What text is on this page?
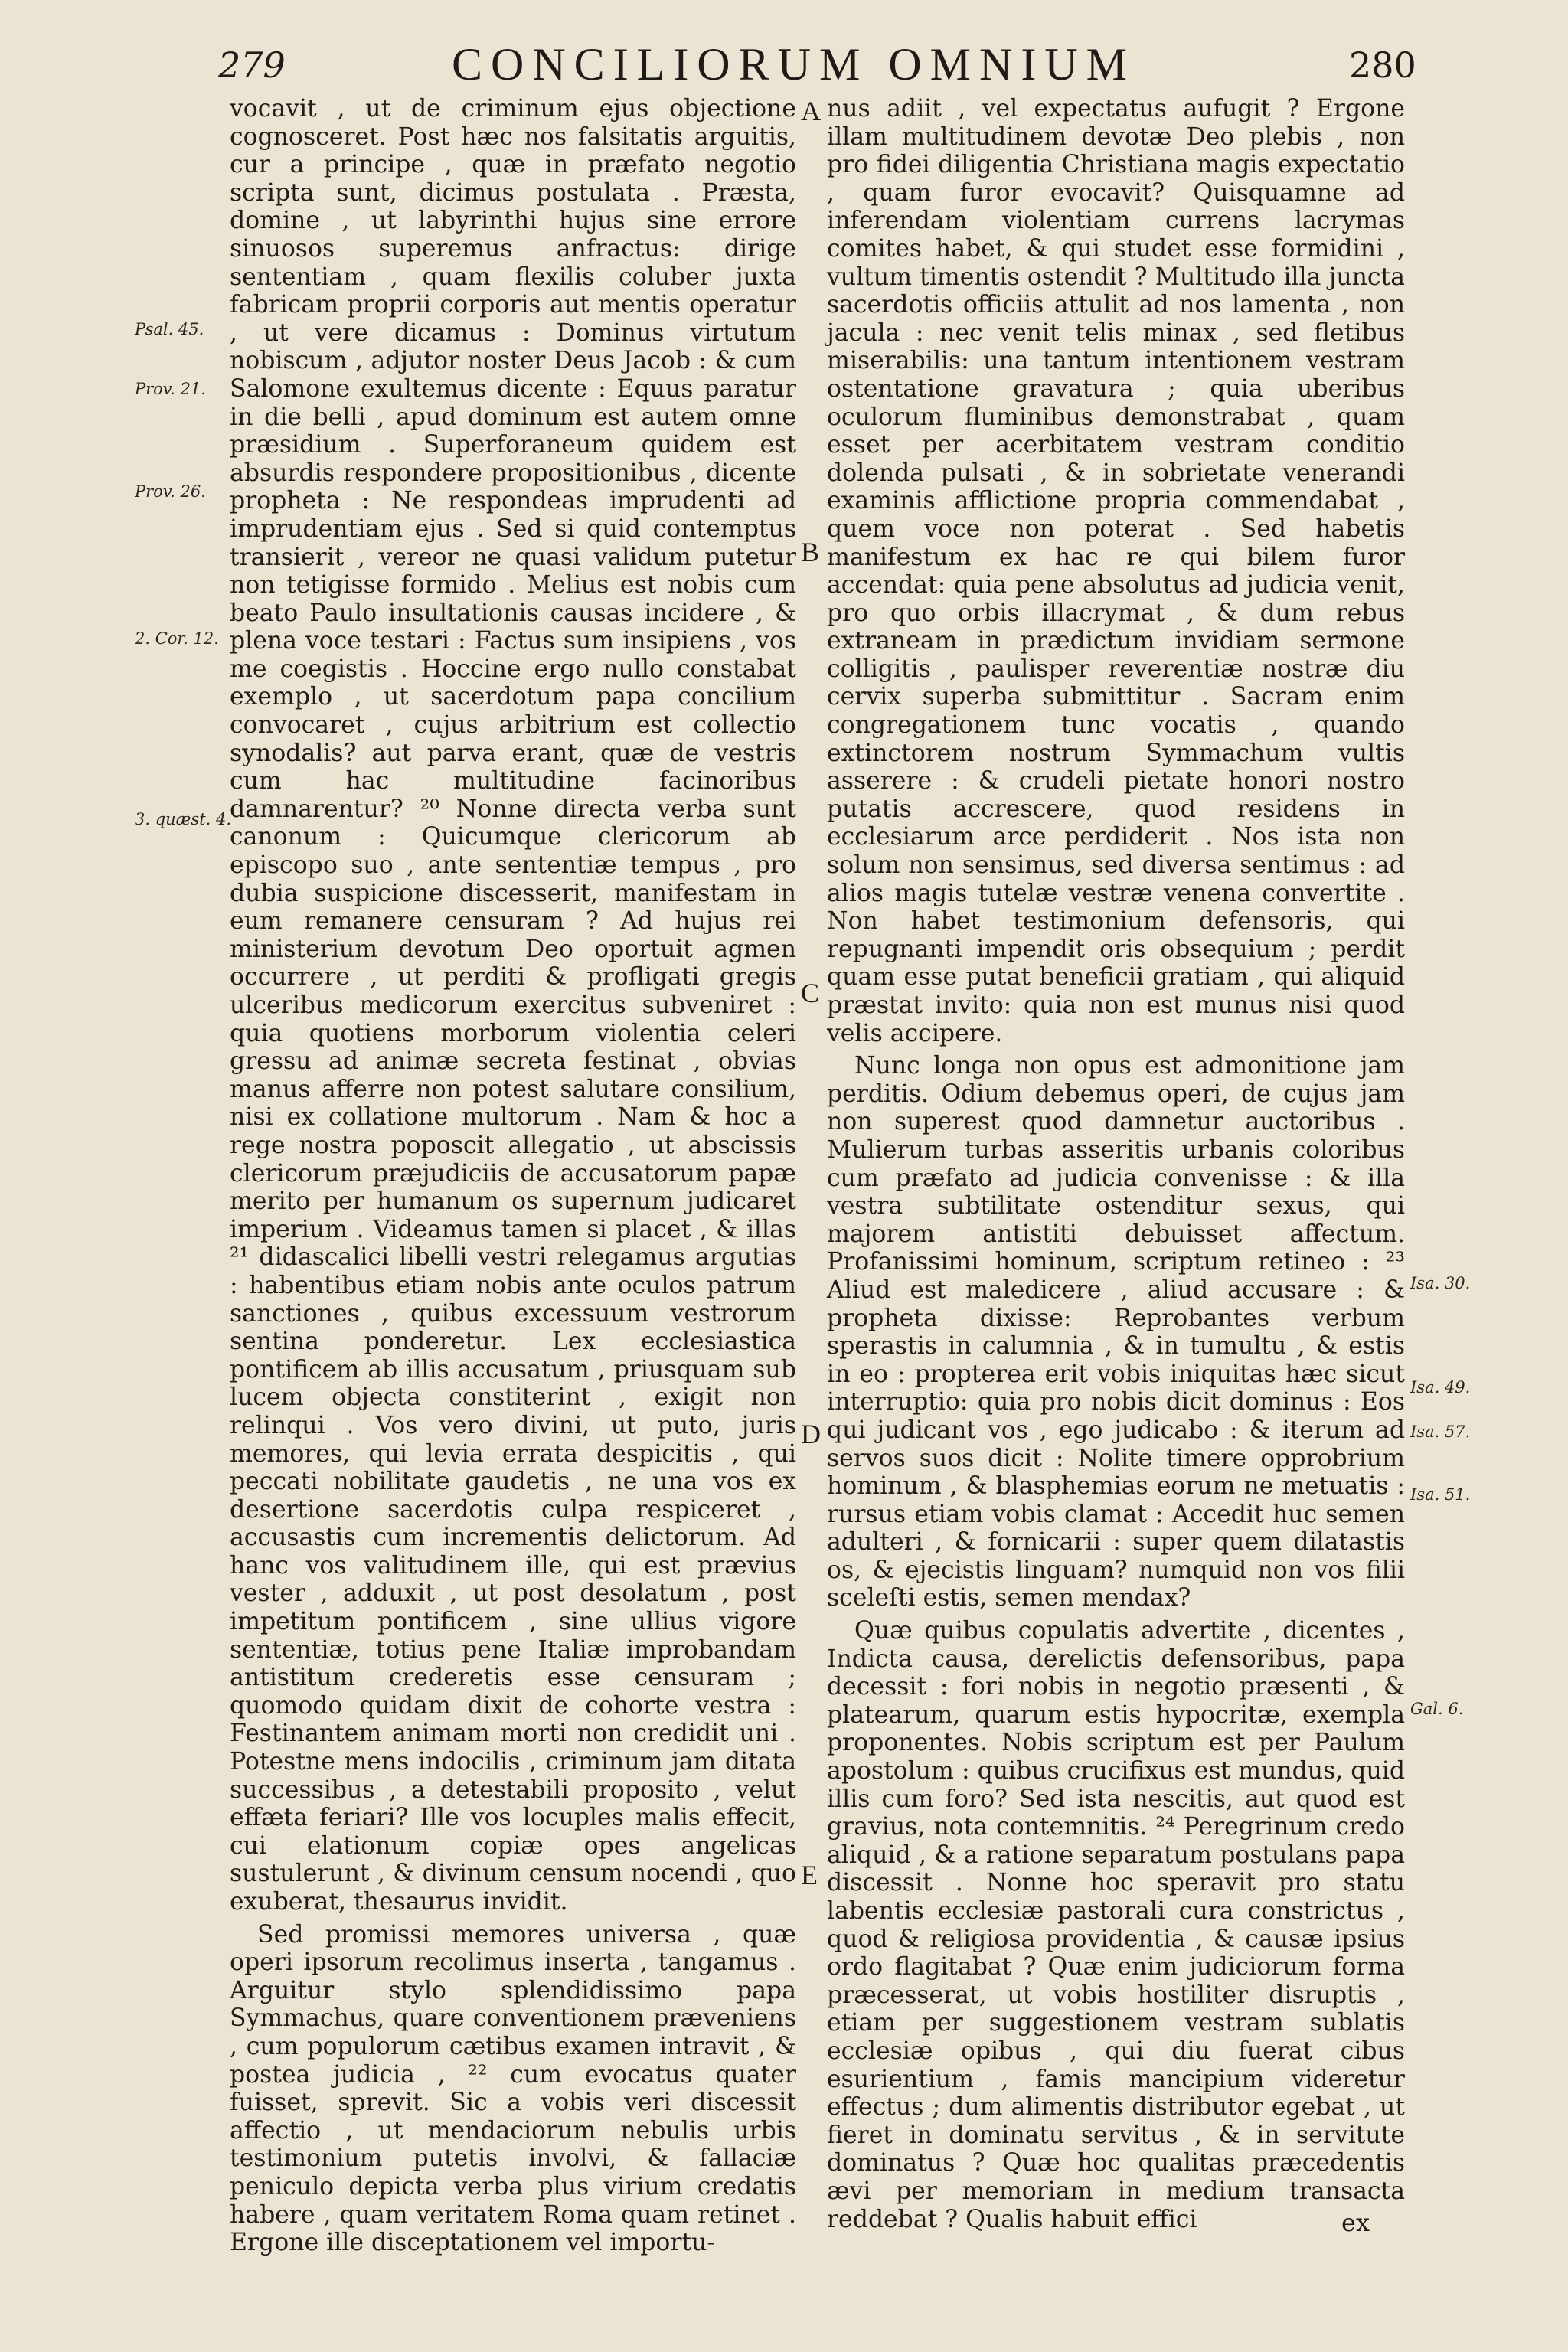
279	CONCILIORUM OMNIUM	280
Psal. 45.
Prov. 21.
Prov. 26.
2. Cor. 12.
3. quæst. 4.
Isa. 30.
Isa. 49.
Isa. 51.
Isa. 57.
Gal. 6.
A
B
C
D
E

vocavit , ut de criminum ejus objectione cognosceret. Post hæc nos falsitatis arguitis, cur a principe , quæ in præfato negotio scripta sunt, dicimus postulata . Præsta, domine , ut labyrinthi hujus sine errore sinuosos superemus anfractus: dirige sententiam , quam flexilis coluber juxta fabricam proprii corporis aut mentis operatur , ut vere dicamus : Dominus virtutum nobiscum , adjutor noster Deus Jacob : & cum Salomone exultemus dicente : Equus paratur in die belli , apud dominum est autem omne præsidium . Superforaneum quidem est absurdis respondere propositionibus , dicente propheta : Ne respondeas imprudenti ad imprudentiam ejus . Sed si quid contemptus transierit , vereor ne quasi validum putetur non tetigisse formido . Melius est nobis cum beato Paulo insultationis causas incidere , & plena voce testari : Factus sum insipiens , vos me coegistis . Hoccine ergo nullo constabat exemplo , ut sacerdotum papa concilium convocaret , cujus arbitrium est collectio synodalis? aut parva erant, quæ de vestris cum hac multitudine facinoribus damnarentur? ²⁰ Nonne directa verba sunt canonum : Quicumque clericorum ab episcopo suo , ante sententiæ tempus , pro dubia suspicione discesserit, manifestam in eum remanere censuram ? Ad hujus rei ministerium devotum Deo oportuit agmen occurrere , ut perditi & profligati gregis ulceribus medicorum exercitus subveniret : quia quotiens morborum violentia celeri gressu ad animæ secreta festinat , obvias manus afferre non potest salutare consilium, nisi ex collatione multorum . Nam & hoc a rege nostra poposcit allegatio , ut abscissis clericorum præjudiciis de accusatorum papæ merito per humanum os supernum judicaret imperium . Videamus tamen si placet , & illas ²¹ didascalici libelli vestri relegamus argutias : habentibus etiam nobis ante oculos patrum sanctiones , quibus excessuum vestrorum sentina ponderetur. Lex ecclesiastica pontificem ab illis accusatum , priusquam sub lucem objecta constiterint , exigit non relinqui . Vos vero divini, ut puto, juris memores, qui levia errata despicitis , qui peccati nobilitate gaudetis , ne una vos ex desertione sacerdotis culpa respiceret , accusastis cum incrementis delictorum. Ad hanc vos valitudinem ille, qui est prævius vester , adduxit , ut post desolatum , post impetitum pontificem , sine ullius vigore sententiæ, totius pene Italiæ improbandam antistitum crederetis esse censuram ; quomodo quidam dixit de cohorte vestra : Festinantem animam morti non credidit uni . Potestne mens indocilis , criminum jam ditata successibus , a detestabili proposito , velut effæta feriari? Ille vos locuples malis effecit, cui elationum copiæ opes angelicas sustulerunt , & divinum censum nocendi , quo exuberat, thesaurus invidit.

Sed promissi memores universa , quæ operi ipsorum recolimus inserta , tangamus . Arguitur stylo splendidissimo papa Symmachus, quare conventionem præveniens , cum populorum cætibus examen intravit , & postea judicia , ²² cum evocatus quater fuisset, sprevit. Sic a vobis veri discessit affectio , ut mendaciorum nebulis urbis testimonium putetis involvi, & fallaciæ peniculo depicta verba plus virium credatis habere , quam veritatem Roma quam retinet . Ergone ille disceptationem vel importu-

nus adiit , vel expectatus aufugit ? Ergone illam multitudinem devotæ Deo plebis , non pro fidei diligentia Christiana magis expectatio , quam furor evocavit? Quisquamne ad inferendam violentiam currens lacrymas comites habet, & qui studet esse formidini , vultum timentis ostendit ? Multitudo illa juncta sacerdotis officiis attulit ad nos lamenta , non jacula : nec venit telis minax , sed fletibus miserabilis: una tantum intentionem vestram ostentatione gravatura ; quia uberibus oculorum fluminibus demonstrabat , quam esset per acerbitatem vestram conditio dolenda pulsati , & in sobrietate venerandi examinis afflictione propria commendabat , quem voce non poterat . Sed habetis manifestum ex hac re qui bilem furor accendat: quia pene absolutus ad judicia venit, pro quo orbis illacrymat , & dum rebus extraneam in prædictum invidiam sermone colligitis , paulisper reverentiæ nostræ diu cervix superba submittitur . Sacram enim congregationem tunc vocatis , quando extinctorem nostrum Symmachum vultis asserere : & crudeli pietate honori nostro putatis accrescere, quod residens in ecclesiarum arce perdiderit . Nos ista non solum non sensimus, sed diversa sentimus : ad alios magis tutelæ vestræ venena convertite . Non habet testimonium defensoris, qui repugnanti impendit oris obsequium ; perdit quam esse putat beneficii gratiam , qui aliquid præstat invito: quia non est munus nisi quod velis accipere.

Nunc longa non opus est admonitione jam perditis. Odium debemus operi, de cujus jam non superest quod damnetur auctoribus . Mulierum turbas asseritis urbanis coloribus cum præfato ad judicia convenisse : & illa vestra subtilitate ostenditur sexus, qui majorem antistiti debuisset affectum. Profanissimi hominum, scriptum retineo : ²³ Aliud est maledicere , aliud accusare : & propheta dixisse: Reprobantes verbum sperastis in calumnia , & in tumultu , & estis in eo : propterea erit vobis iniquitas hæc sicut interruptio: quia pro nobis dicit dominus : Eos qui judicant vos , ego judicabo : & iterum ad servos suos dicit : Nolite timere opprobrium hominum , & blasphemias eorum ne metuatis : rursus etiam vobis clamat : Accedit huc semen adulteri , & fornicarii : super quem dilatastis os, & ejecistis linguam? numquid non vos filii sceleſti estis, semen mendax?

Quæ quibus copulatis advertite , dicentes , Indicta causa, derelictis defensoribus, papa decessit : fori nobis in negotio præsenti , & platearum, quarum estis hypocritæ, exempla proponentes. Nobis scriptum est per Paulum apostolum : quibus crucifixus est mundus, quid illis cum foro? Sed ista nescitis, aut quod est gravius, nota contemnitis. ²⁴ Peregrinum credo aliquid , & a ratione separatum postulans papa discessit . Nonne hoc speravit pro statu labentis ecclesiæ pastorali cura constrictus , quod & religiosa providentia , & causæ ipsius ordo flagitabat ? Quæ enim judiciorum forma præcesserat, ut vobis hostiliter disruptis , etiam per suggestionem vestram sublatis ecclesiæ opibus , qui diu fuerat cibus esurientium , famis mancipium videretur effectus ; dum alimentis distributor egebat , ut fieret in dominatu servitus , & in servitute dominatus ? Quæ hoc qualitas præcedentis ævi per memoriam in medium transacta reddebat ? Qualis habuit effici	ex
